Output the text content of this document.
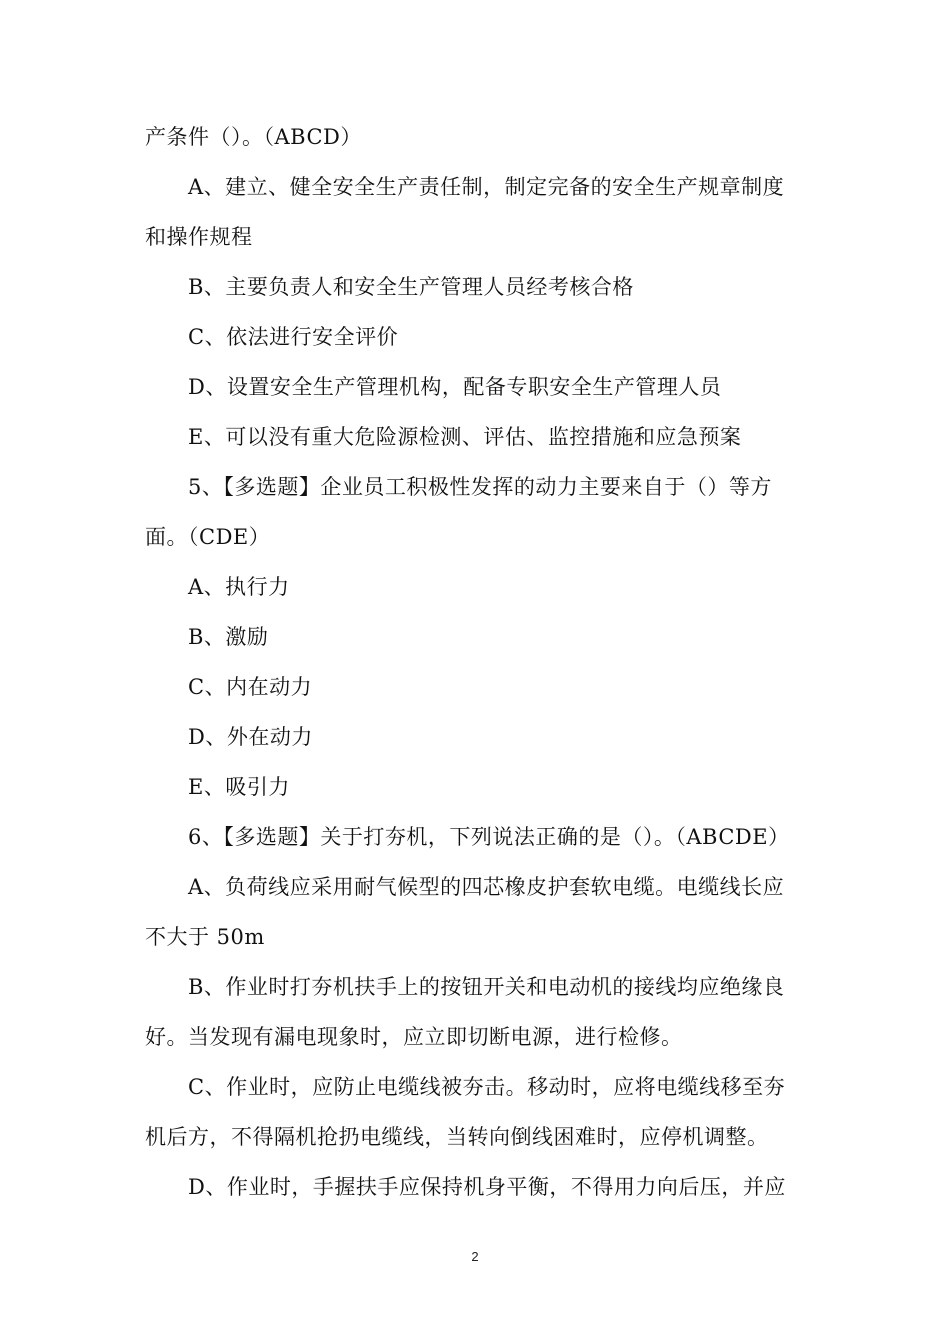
产条件（）。（ABCD）
A、建立、健全安全生产责任制，制定完备的安全生产规章制度
和操作规程
B、主要负责人和安全生产管理人员经考核合格
C、依法进行安全评价
D、设置安全生产管理机构，配备专职安全生产管理人员
E、可以没有重大危险源检测、评估、监控措施和应急预案
5、【多选题】企业员工积极性发挥的动力主要来自于（）等方
面。（CDE）
A、执行力
B、激励
C、内在动力
D、外在动力
E、吸引力
6、【多选题】关于打夯机，下列说法正确的是（）。（ABCDE）
A、负荷线应采用耐气候型的四芯橡皮护套软电缆。电缆线长应
不大于 50m
B、作业时打夯机扶手上的按钮开关和电动机的接线均应绝缘良
好。当发现有漏电现象时，应立即切断电源，进行检修。
C、作业时，应防止电缆线被夯击。移动时，应将电缆线移至夯
机后方，不得隔机抢扔电缆线，当转向倒线困难时，应停机调整。
D、作业时，手握扶手应保持机身平衡，不得用力向后压，并应
2
